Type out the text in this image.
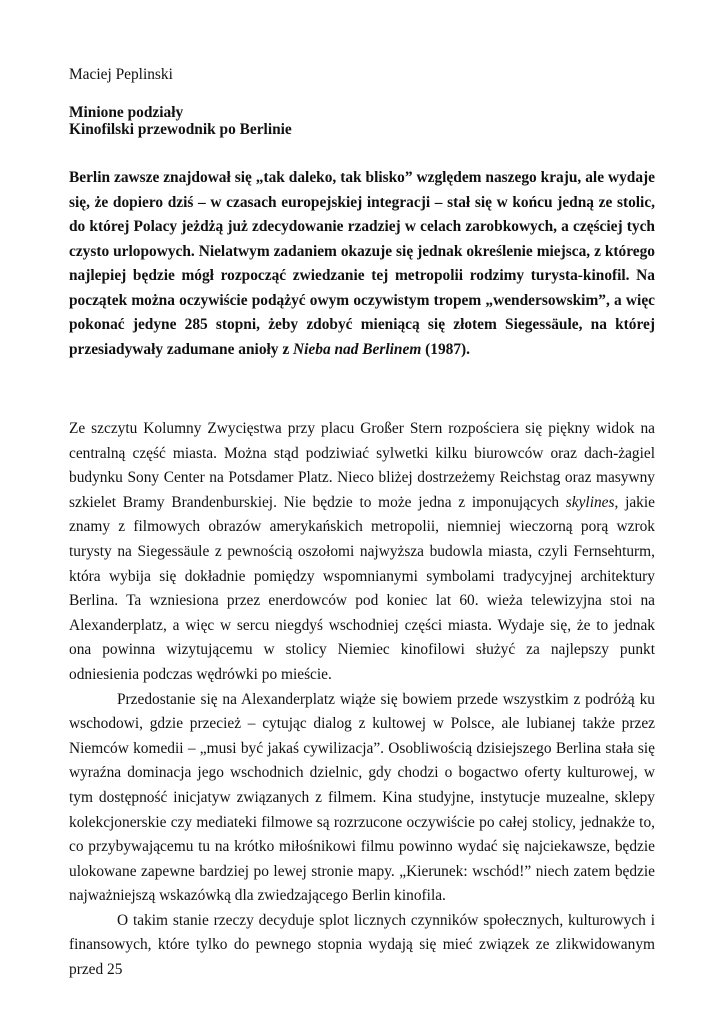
Maciej Peplinski
Minione podziały
Kinofilski przewodnik po Berlinie

Berlin zawsze znajdował się „tak daleko, tak blisko” względem naszego kraju, ale wydaje się, że dopiero dziś – w czasach europejskiej integracji – stał się w końcu jedną ze stolic, do której Polacy jeżdżą już zdecydowanie rzadziej w celach zarobkowych, a częściej tych czysto urlopowych. Nielatwym zadaniem okazuje się jednak określenie miejsca, z którego najlepiej będzie mógł rozpocząć zwiedzanie tej metropolii rodzimy turysta-kinofil. Na początek można oczywiście podążyć owym oczywistym tropem „wendersowskim”, a więc pokonać jedyne 285 stopni, żeby zdobyć mieniącą się złotem Siegessäule, na której przesiadywały zadumane anioły z Nieba nad Berlinem (1987).

Ze szczytu Kolumny Zwycięstwa przy placu Großer Stern rozpościera się piękny widok na centralną część miasta. Można stąd podziwiać sylwetki kilku biurowców oraz dach-żagiel budynku Sony Center na Potsdamer Platz. Nieco bliżej dostrzeżemy Reichstag oraz masywny szkielet Bramy Brandenburskiej. Nie będzie to może jedna z imponujących skylines, jakie znamy z filmowych obrazów amerykańskich metropolii, niemniej wieczorną porą wzrok turysty na Siegessäule z pewnością oszołomi najwyższa budowla miasta, czyli Fernsehturm, która wybija się dokładnie pomiędzy wspomnianymi symbolami tradycyjnej architektury Berlina. Ta wzniesiona przez enerdowców pod koniec lat 60. wieża telewizyjna stoi na Alexanderplatz, a więc w sercu niegdyś wschodniej części miasta. Wydaje się, że to jednak ona powinna wizytującemu w stolicy Niemiec kinofilowi służyć za najlepszy punkt odniesienia podczas wędrówki po mieście.

Przedostanie się na Alexanderplatz wiąże się bowiem przede wszystkim z podróżą ku wschodowi, gdzie przecież – cytując dialog z kultowej w Polsce, ale lubianej także przez Niemców komedii – „musi być jakaś cywilizacja”. Osobliwością dzisiejszego Berlina stała się wyraźna dominacja jego wschodnich dzielnic, gdy chodzi o bogactwo oferty kulturowej, w tym dostępność inicjatyw związanych z filmem. Kina studyjne, instytucje muzealne, sklepy kolekcjonerskie czy mediateki filmowe są rozrzucone oczywiście po całej stolicy, jednakże to, co przybywającemu tu na krótko miłośnikowi filmu powinno wydać się najciekawsze, będzie ulokowane zapewne bardziej po lewej stronie mapy. „Kierunek: wschód!” niech zatem będzie najważniejszą wskazówką dla zwiedzającego Berlin kinofila.

O takim stanie rzeczy decyduje splot licznych czynników społecznych, kulturowych i finansowych, które tylko do pewnego stopnia wydają się mieć związek ze zlikwidowanym przed 25
